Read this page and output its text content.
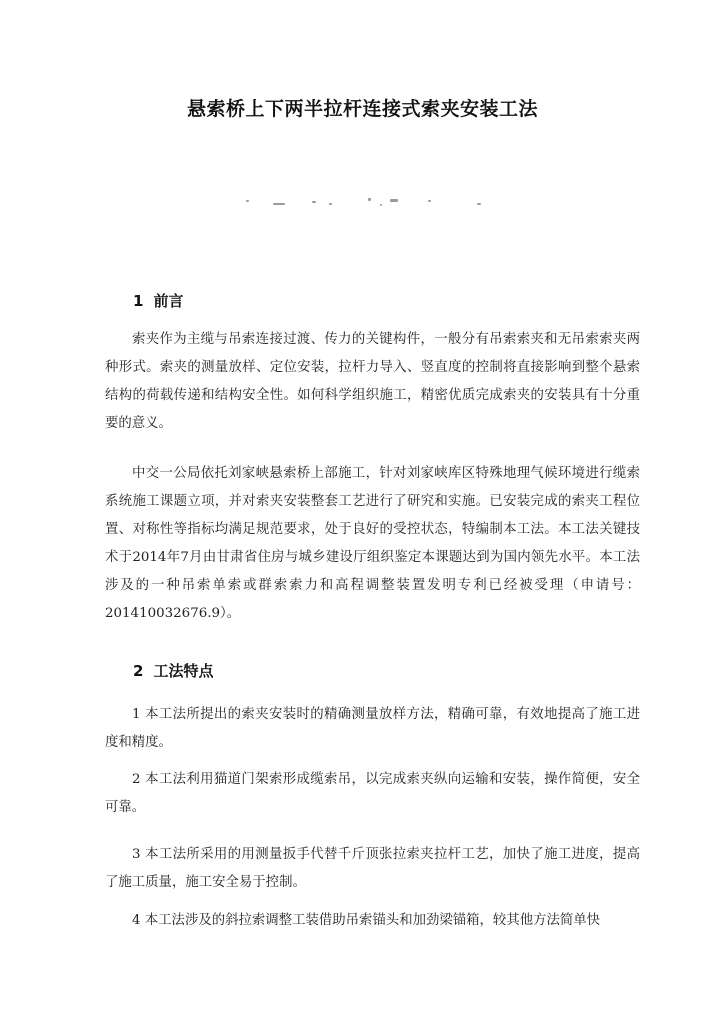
悬索桥上下两半拉杆连接式索夹安装工法
1 前言

索夹作为主缆与吊索连接过渡、传力的关键构件，一般分有吊索索夹和无吊索索夹两种形式。索夹的测量放样、定位安装，拉杆力导入、竖直度的控制将直接影响到整个悬索结构的荷载传递和结构安全性。如何科学组织施工，精密优质完成索夹的安装具有十分重要的意义。

中交一公局依托刘家峡悬索桥上部施工，针对刘家峡库区特殊地理气候环境进行缆索系统施工课题立项，并对索夹安装整套工艺进行了研究和实施。已安装完成的索夹工程位置、对称性等指标均满足规范要求，处于良好的受控状态，特编制本工法。本工法关键技术于2014年7月由甘肃省住房与城乡建设厅组织鉴定本课题达到为国内领先水平。本工法涉及的一种吊索单索或群索索力和高程调整装置发明专利已经被受理（申请号：201410032676.9）。

2 工法特点

1 本工法所提出的索夹安装时的精确测量放样方法，精确可靠，有效地提高了施工进度和精度。

2 本工法利用猫道门架索形成缆索吊，以完成索夹纵向运输和安装，操作简便，安全可靠。

3 本工法所采用的用测量扳手代替千斤顶张拉索夹拉杆工艺，加快了施工进度，提高了施工质量，施工安全易于控制。

4 本工法涉及的斜拉索调整工装借助吊索锚头和加劲梁锚箱，较其他方法简单快
